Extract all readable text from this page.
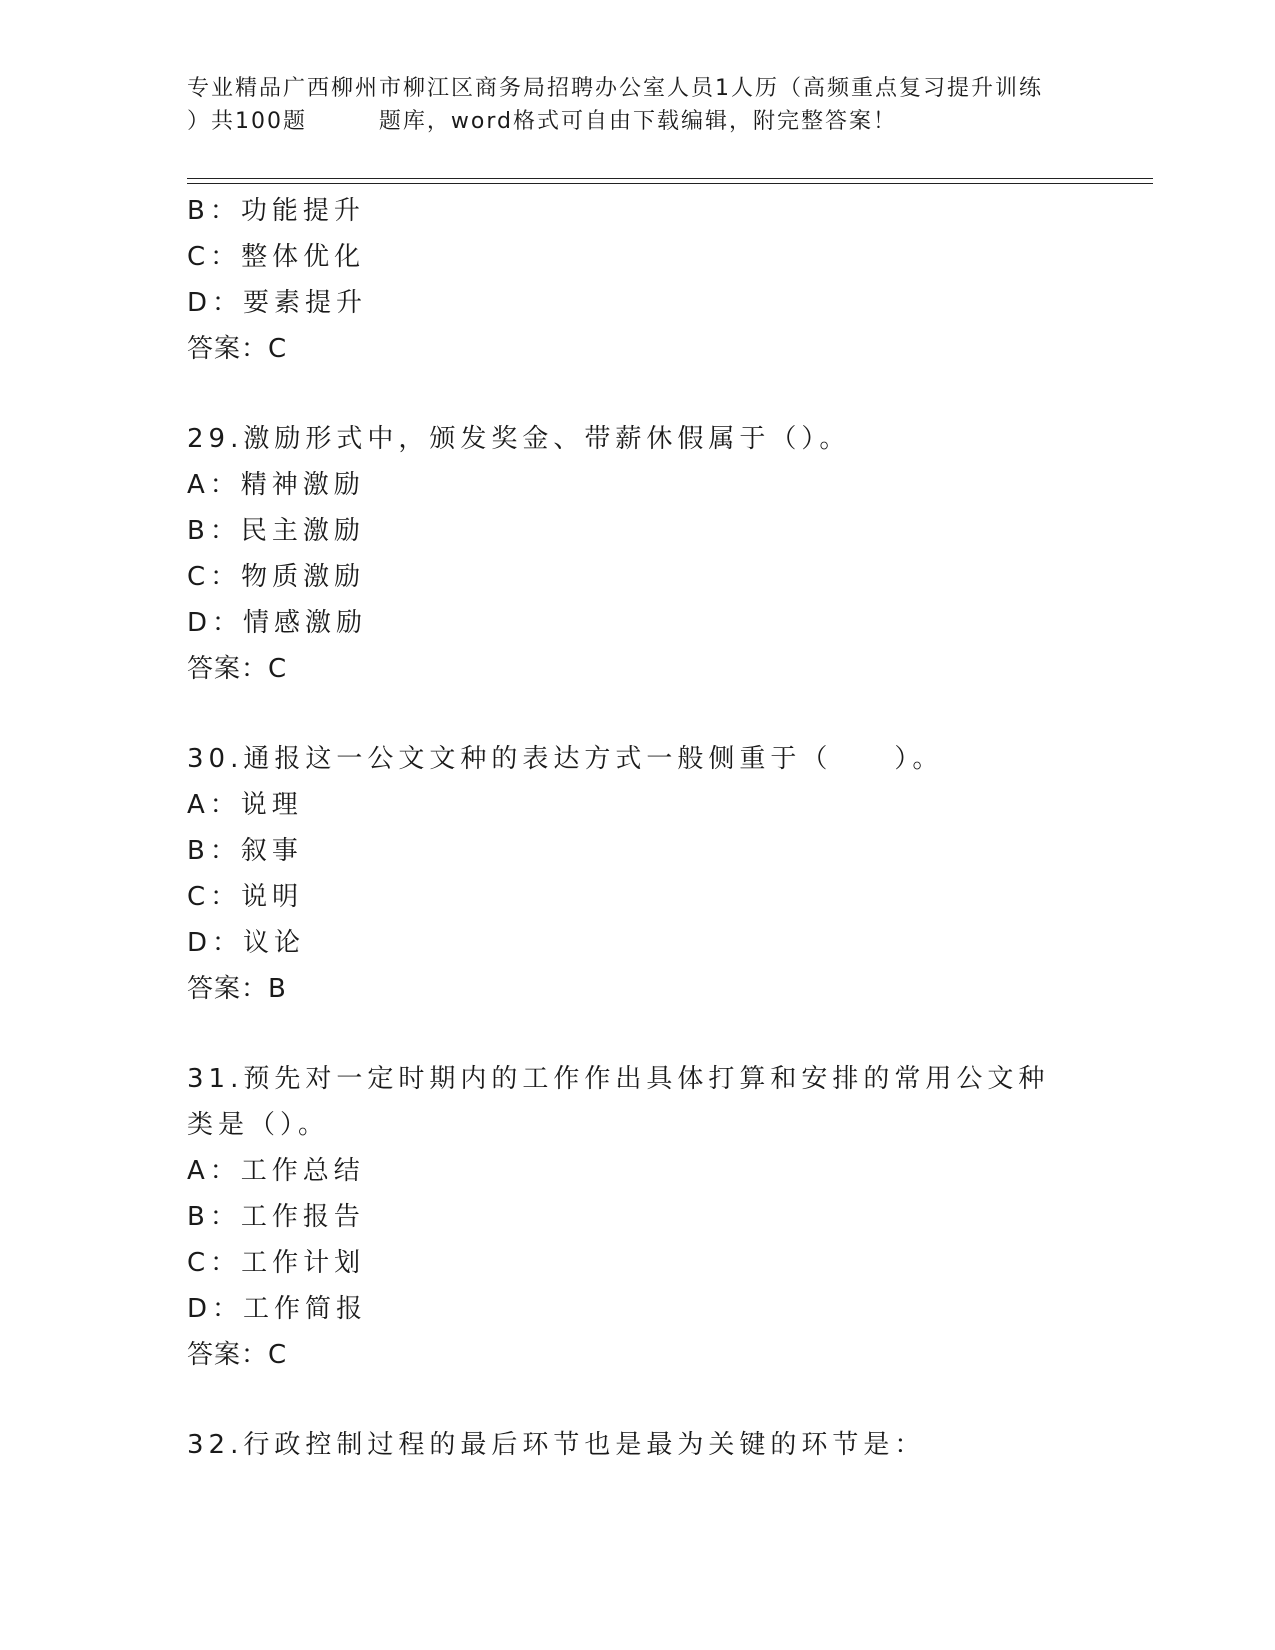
专业精品广西柳州市柳江区商务局招聘办公室人员1人历（高频重点复习提升训练

）共100题        题库，word格式可自由下载编辑，附完整答案！
B：功能提升
C：整体优化
D：要素提升
答案：C
29.激励形式中，颁发奖金、带薪休假属于（）。
A：精神激励
B：民主激励
C：物质激励
D：情感激励
答案：C
30.通报这一公文文种的表达方式一般侧重于（　　）。
A：说理
B：叙事
C：说明
D：议论
答案：B
31.预先对一定时期内的工作作出具体打算和安排的常用公文种类是（）。
A：工作总结
B：工作报告
C：工作计划
D：工作简报
答案：C
32.行政控制过程的最后环节也是最为关键的环节是：
